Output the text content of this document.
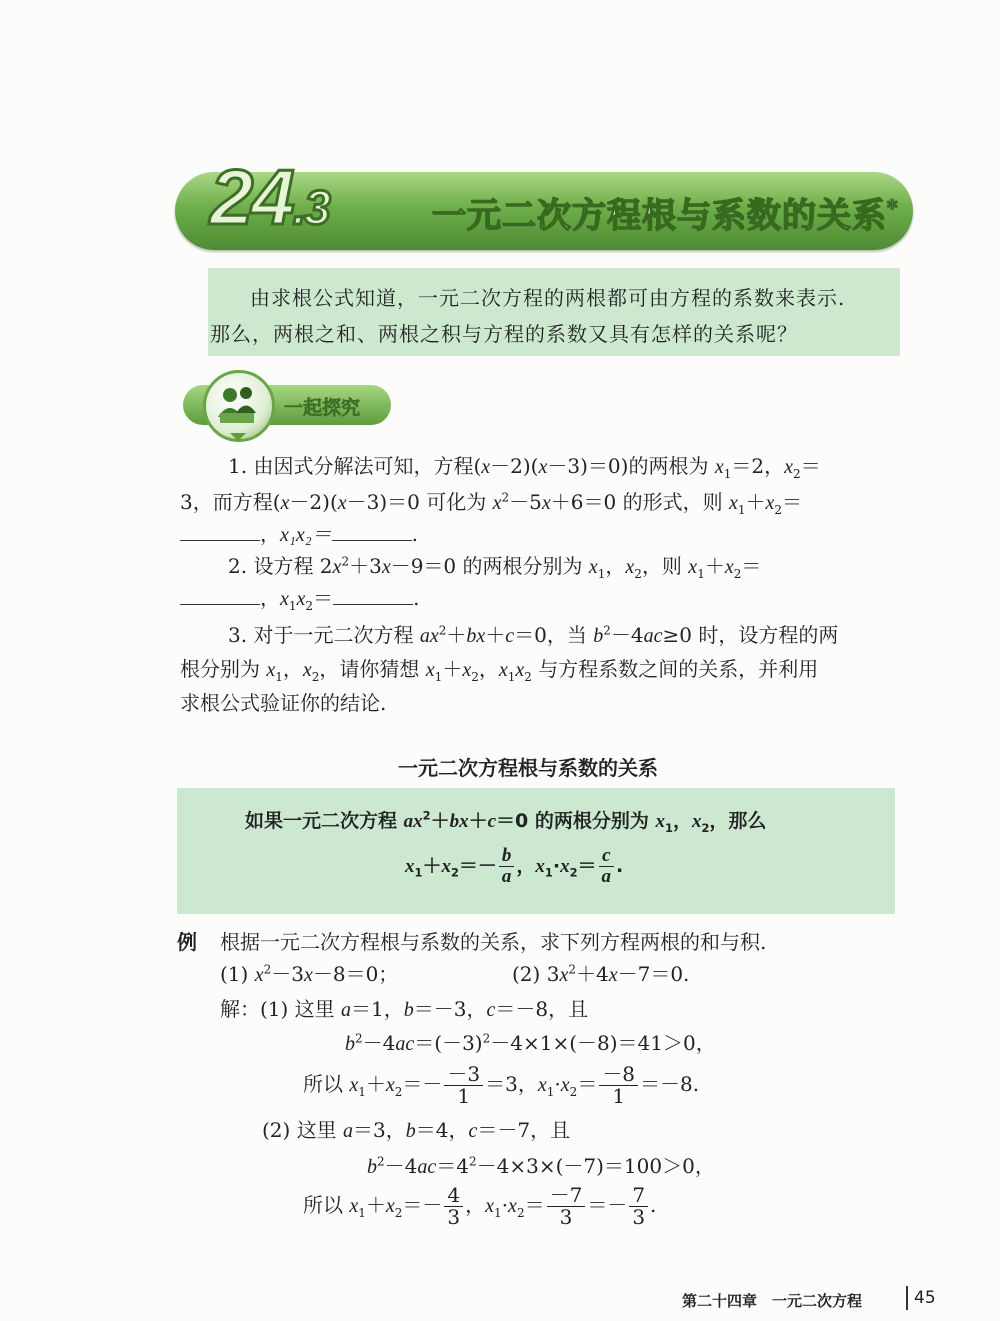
24.3	一元二次方程根与系数的关系*
由求根公式知道，一元二次方程的两根都可由方程的系数来表示.
那么，两根之和、两根之积与方程的系数又具有怎样的关系呢？
一起探究
1. 由因式分解法可知，方程(x－2)(x－3)＝0)的两根为 $x_1=2$，$x_2=$
3，而方程(x－2)(x－3)＝0 可化为 $x^2-5x+6=0$ 的形式，则 $x_1+x_2=$
，x₁x₂＝	.
2. 设方程 $2x^2+3x-9=0$ 的两根分别为 $x_1$，$x_2$，则 $x_1+x_2=$
，$x_1x_2=$	.
3. 对于一元二次方程 $ax^2+bx+c=0$，当 $b^2-4ac\ge 0$ 时，设方程的两
根分别为 $x_1$，$x_2$，请你猜想 $x_1+x_2$，$x_1x_2$ 与方程系数之间的关系，并利用
求根公式验证你的结论.
一元二次方程根与系数的关系
如果一元二次方程 $ax^2+bx+c=0$ 的两根分别为 $x_1$，$x_2$，那么
$x_1+x_2=- \frac{b}{a}$ ，$x_1\cdot x_2= \frac{c}{a}$ .
例 根据一元二次方程根与系数的关系，求下列方程两根的和与积.
(1) $x^2-3x-8=0$；	(2) $3x^2+4x-7=0$.
解：(1) 这里 a＝1，b＝－3，c＝－8，且
$b^2-4ac=(-3)^2-4\times 1\times(-8)=41>0$，
所以 $x_1+x_2=- \frac{-3}{1} =3$，$x_1\cdot x_2= \frac{-8}{1} =-8$.
(2) 这里 a＝3，b＝4，c＝－7，且
$b^2-4ac=4^2-4\times 3\times(-7)=100>0$，
所以 $x_1+x_2=- \frac{4}{3}$ ，$x_1\cdot x_2= \frac{-7}{3} =- \frac{7}{3}$ .
第二十四章　一元二次方程	45
